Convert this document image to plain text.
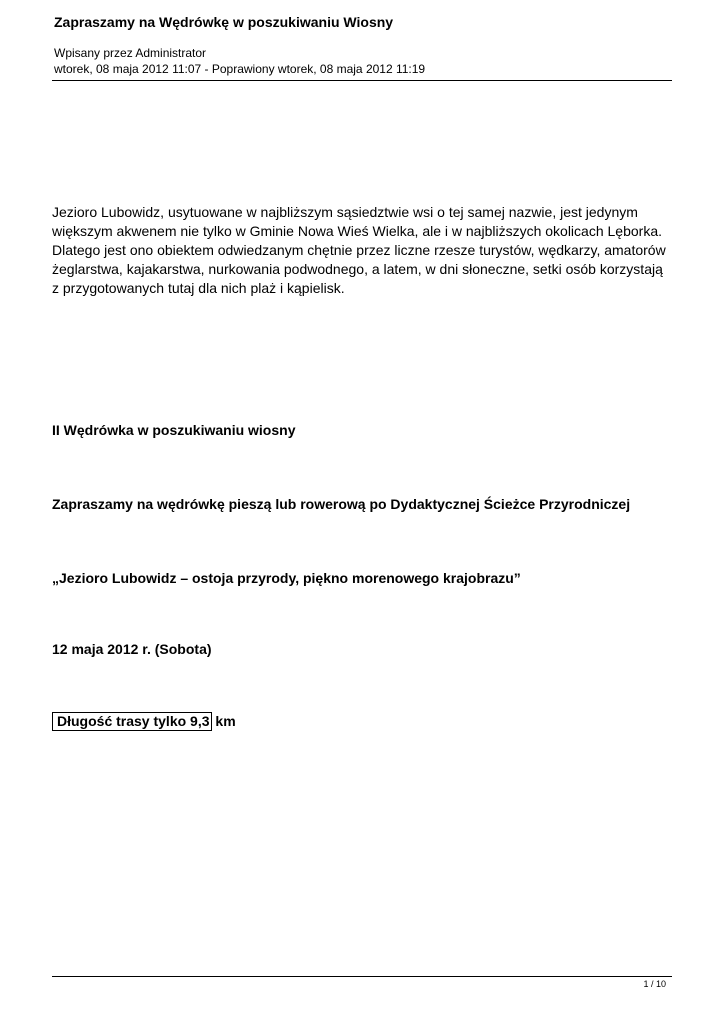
Zapraszamy na Wędrówkę w poszukiwaniu Wiosny
Wpisany przez Administrator
wtorek, 08 maja 2012 11:07 - Poprawiony wtorek, 08 maja 2012 11:19

Jezioro Lubowidz, usytuowane w najbliższym sąsiedztwie wsi o tej samej nazwie, jest jedynym większym akwenem nie tylko w Gminie Nowa Wieś Wielka, ale i w najbliższych okolicach Lęborka. Dlatego jest ono obiektem odwiedzanym chętnie przez liczne rzesze turystów, wędkarzy, amatorów żeglarstwa, kajakarstwa, nurkowania podwodnego, a latem, w dni słoneczne, setki osób korzystają z przygotowanych tutaj dla nich plaż i kąpielisk.

II Wędrówka w poszukiwaniu wiosny
Zapraszamy na wędrówkę pieszą lub rowerową po Dydaktycznej Ścieżce Przyrodniczej
„Jezioro Lubowidz – ostoja przyrody, piękno morenowego krajobrazu”
12 maja 2012 r. (Sobota)
Długość trasy tylko 9,3 km
1 / 10
